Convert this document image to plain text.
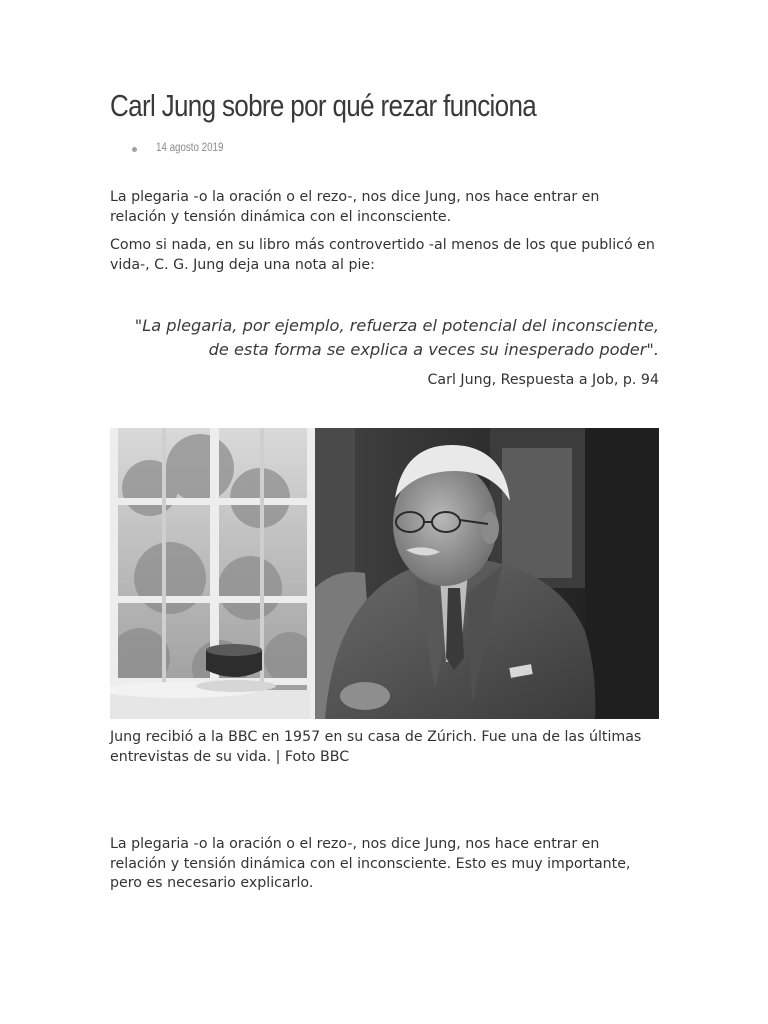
Carl Jung sobre por qué rezar funciona
14 agosto 2019

La plegaria -o la oración o el rezo-, nos dice Jung, nos hace entrar en relación y tensión dinámica con el inconsciente.

Como si nada, en su libro más controvertido -al menos de los que publicó en vida-, C. G. Jung deja una nota al pie:

"La plegaria, por ejemplo, refuerza el potencial del inconsciente, de esta forma se explica a veces su inesperado poder".

Carl Jung, Respuesta a Job, p. 94

Jung recibió a la BBC en 1957 en su casa de Zúrich. Fue una de las últimas entrevistas de su vida. | Foto BBC

La plegaria -o la oración o el rezo-, nos dice Jung, nos hace entrar en relación y tensión dinámica con el inconsciente. Esto es muy importante, pero es necesario explicarlo.
